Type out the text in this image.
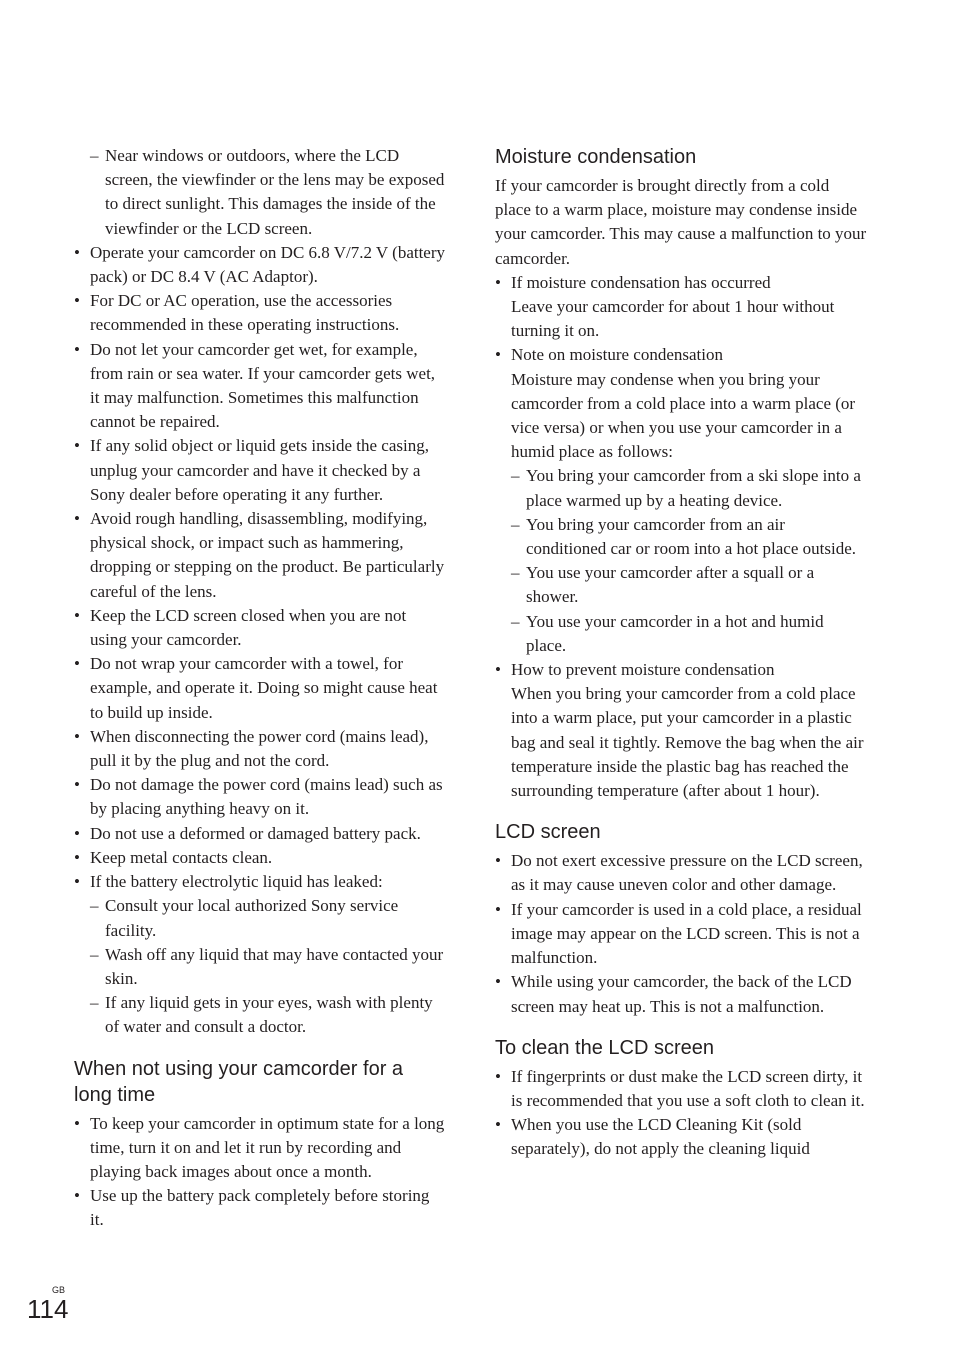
– Near windows or outdoors, where the LCD screen, the viewfinder or the lens may be exposed to direct sunlight. This damages the inside of the viewfinder or the LCD screen.
• Operate your camcorder on DC 6.8 V/7.2 V (battery pack) or DC 8.4 V (AC Adaptor).
• For DC or AC operation, use the accessories recommended in these operating instructions.
• Do not let your camcorder get wet, for example, from rain or sea water. If your camcorder gets wet, it may malfunction. Sometimes this malfunction cannot be repaired.
• If any solid object or liquid gets inside the casing, unplug your camcorder and have it checked by a Sony dealer before operating it any further.
• Avoid rough handling, disassembling, modifying, physical shock, or impact such as hammering, dropping or stepping on the product. Be particularly careful of the lens.
• Keep the LCD screen closed when you are not using your camcorder.
• Do not wrap your camcorder with a towel, for example, and operate it. Doing so might cause heat to build up inside.
• When disconnecting the power cord (mains lead), pull it by the plug and not the cord.
• Do not damage the power cord (mains lead) such as by placing anything heavy on it.
• Do not use a deformed or damaged battery pack.
• Keep metal contacts clean.
• If the battery electrolytic liquid has leaked:
– Consult your local authorized Sony service facility.
– Wash off any liquid that may have contacted your skin.
– If any liquid gets in your eyes, wash with plenty of water and consult a doctor.
When not using your camcorder for a long time
• To keep your camcorder in optimum state for a long time, turn it on and let it run by recording and playing back images about once a month.
• Use up the battery pack completely before storing it.
Moisture condensation

If your camcorder is brought directly from a cold place to a warm place, moisture may condense inside your camcorder. This may cause a malfunction to your camcorder.

• If moisture condensation has occurred
Leave your camcorder for about 1 hour without turning it on.
• Note on moisture condensation
Moisture may condense when you bring your camcorder from a cold place into a warm place (or vice versa) or when you use your camcorder in a humid place as follows:
– You bring your camcorder from a ski slope into a place warmed up by a heating device.
– You bring your camcorder from an air conditioned car or room into a hot place outside.
– You use your camcorder after a squall or a shower.
– You use your camcorder in a hot and humid place.
• How to prevent moisture condensation
When you bring your camcorder from a cold place into a warm place, put your camcorder in a plastic bag and seal it tightly. Remove the bag when the air temperature inside the plastic bag has reached the surrounding temperature (after about 1 hour).
LCD screen
• Do not exert excessive pressure on the LCD screen, as it may cause uneven color and other damage.
• If your camcorder is used in a cold place, a residual image may appear on the LCD screen. This is not a malfunction.
• While using your camcorder, the back of the LCD screen may heat up. This is not a malfunction.
To clean the LCD screen
• If fingerprints or dust make the LCD screen dirty, it is recommended that you use a soft cloth to clean it.
• When you use the LCD Cleaning Kit (sold separately), do not apply the cleaning liquid
GB
114
